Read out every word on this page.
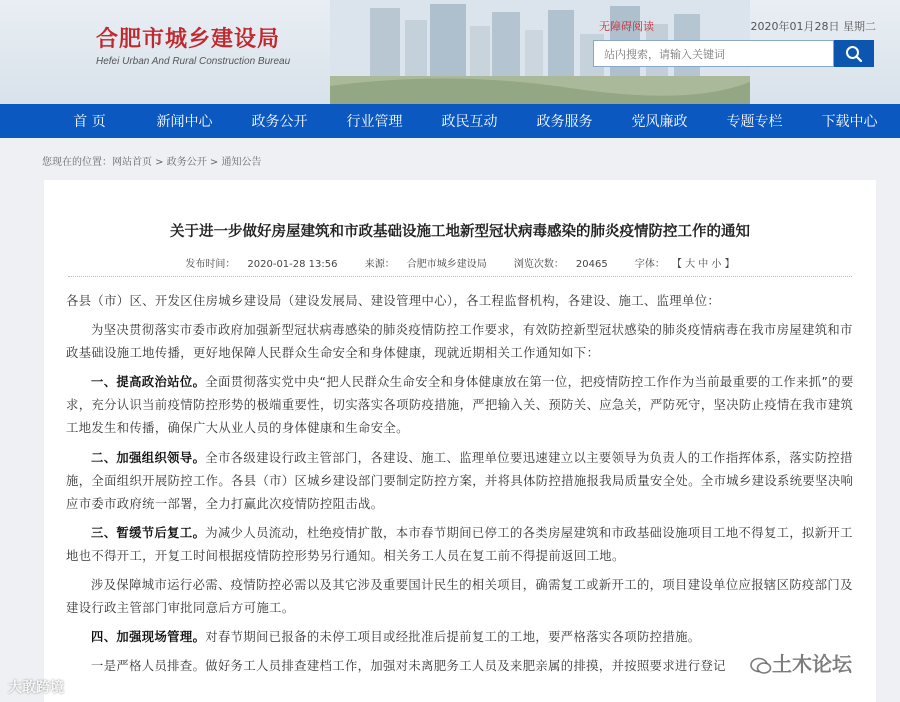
合肥市城乡建设局
Hefei Urban And Rural Construction Bureau
无障碍阅读	2020年01月28日 星期二
站内搜索，请输入关键词
首 页	新闻中心	政务公开	行业管理	政民互动	政务服务	党风廉政	专题专栏	下载中心
您现在的位置：网站首页 > 政务公开 > 通知公告
关于进一步做好房屋建筑和市政基础设施工地新型冠状病毒感染的肺炎疫情防控工作的通知
发布时间： 2020-01-28 13:56	来源： 合肥市城乡建设局	浏览次数： 20465	字体： 【 大 中 小 】

各县（市）区、开发区住房城乡建设局（建设发展局、建设管理中心），各工程监督机构，各建设、施工、监理单位：

为坚决贯彻落实市委市政府加强新型冠状病毒感染的肺炎疫情防控工作要求，有效防控新型冠状感染的肺炎疫情病毒在我市房屋建筑和市政基础设施工地传播，更好地保障人民群众生命安全和身体健康，现就近期相关工作通知如下：

一、提高政治站位。全面贯彻落实党中央“把人民群众生命安全和身体健康放在第一位，把疫情防控工作作为当前最重要的工作来抓”的要求，充分认识当前疫情防控形势的极端重要性，切实落实各项防疫措施，严把输入关、预防关、应急关，严防死守，坚决防止疫情在我市建筑工地发生和传播，确保广大从业人员的身体健康和生命安全。

二、加强组织领导。全市各级建设行政主管部门，各建设、施工、监理单位要迅速建立以主要领导为负责人的工作指挥体系，落实防控措施，全面组织开展防控工作。各县（市）区城乡建设部门要制定防控方案，并将具体防控措施报我局质量安全处。全市城乡建设系统要坚决响应市委市政府统一部署，全力打赢此次疫情防控阻击战。

三、暂缓节后复工。为减少人员流动，杜绝疫情扩散，本市春节期间已停工的各类房屋建筑和市政基础设施项目工地不得复工，拟新开工地也不得开工，开复工时间根据疫情防控形势另行通知。相关务工人员在复工前不得提前返回工地。

涉及保障城市运行必需、疫情防控必需以及其它涉及重要国计民生的相关项目，确需复工或新开工的，项目建设单位应报辖区防疫部门及建设行政主管部门审批同意后方可施工。

四、加强现场管理。对春节期间已报备的未停工项目或经批准后提前复工的工地，要严格落实各项防控措施。

一是严格人员排查。做好务工人员排查建档工作，加强对未离肥务工人员及来肥亲属的排摸，并按照要求进行登记	土木论坛
大敢跨境
